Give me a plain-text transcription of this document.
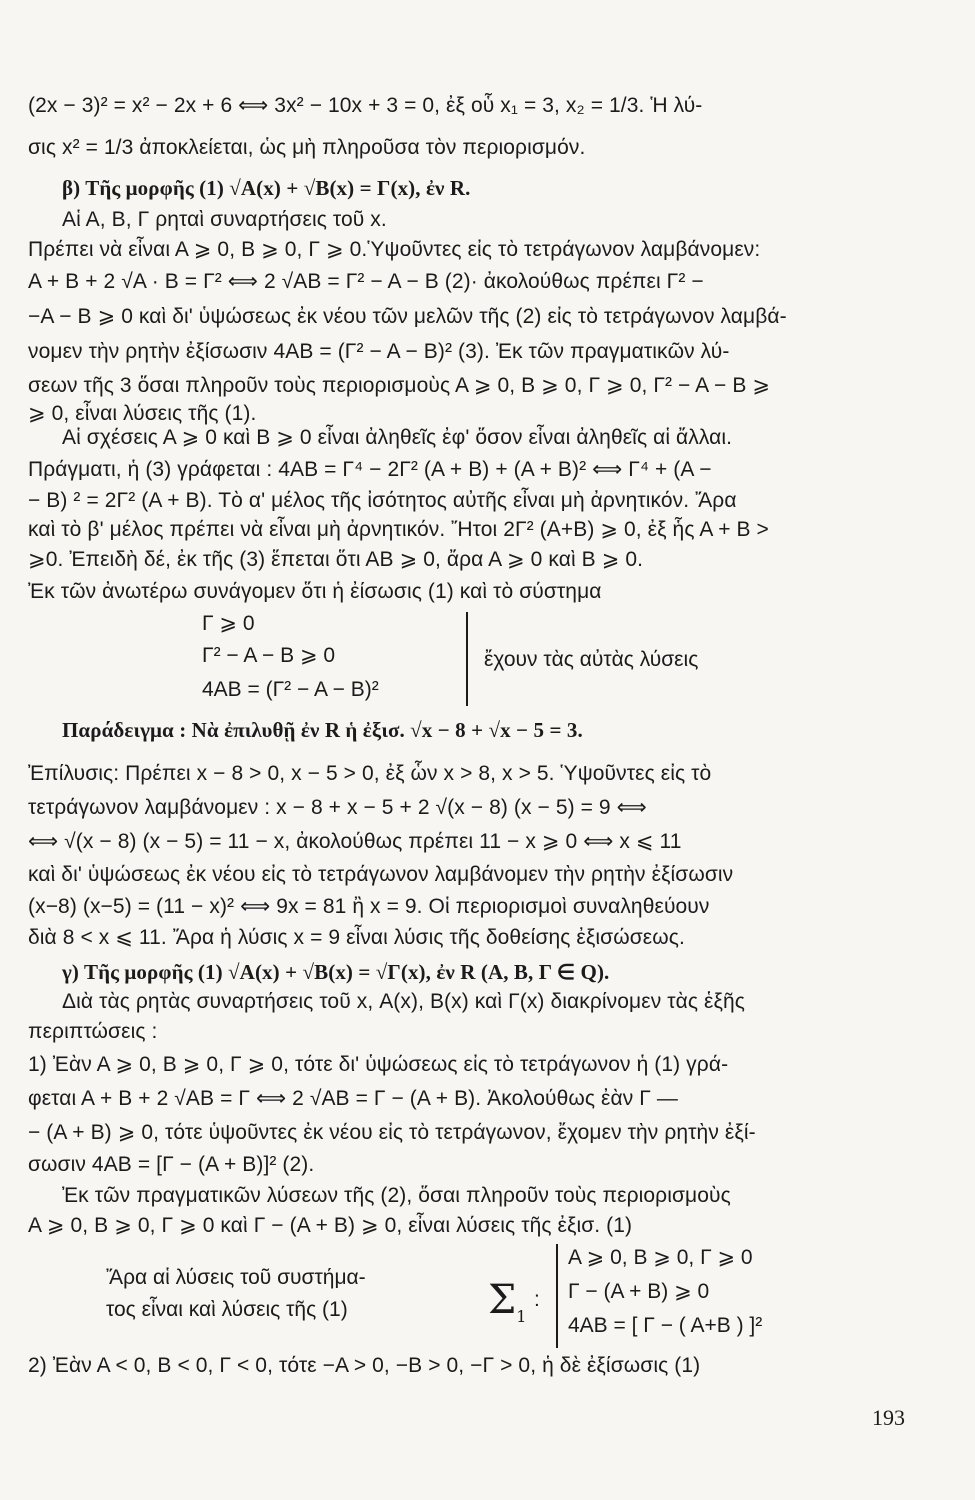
(2x − 3)² = x² − 2x + 6 ⟺ 3x² − 10x + 3 = 0, ἐξ οὗ x₁ = 3, x₂ = 1/3. Ἡ λύ-
σις x² = 1/3 ἀποκλείεται, ὡς μὴ πληροῦσα τὸν περιορισμόν.
β) Τῆς μορφῆς (1) √A(x) + √B(x) = Γ(x), ἐν R.
Αἱ Α, Β, Γ ρηταὶ συναρτήσεις τοῦ x.
Πρέπει νὰ εἶναι Α ⩾ 0, Β ⩾ 0, Γ ⩾ 0.Ὑψοῦντες εἰς τὸ τετράγωνον λαμβάνομεν:
Α + Β + 2 √Α · Β = Γ² ⟺ 2 √ΑΒ = Γ² − Α − Β (2)· ἀκολούθως πρέπει Γ² −
−Α − Β ⩾ 0 καὶ δι' ὑψώσεως ἐκ νέου τῶν μελῶν τῆς (2) εἰς τὸ τετράγωνον λαμβά-
νομεν τὴν ρητὴν ἐξίσωσιν 4ΑΒ = (Γ² − Α − Β)² (3). Ἐκ τῶν πραγματικῶν λύ-
σεων τῆς 3 ὅσαι πληροῦν τοὺς περιορισμοὺς Α ⩾ 0, Β ⩾ 0, Γ ⩾ 0, Γ² − Α − Β ⩾
⩾ 0, εἶναι λύσεις τῆς (1).
Αἱ σχέσεις Α ⩾ 0 καὶ Β ⩾ 0 εἶναι ἀληθεῖς ἐφ' ὅσον εἶναι ἀληθεῖς αἱ ἄλλαι.
Πράγματι, ἡ (3) γράφεται : 4ΑΒ = Γ⁴ − 2Γ² (Α + Β) + (Α + Β)² ⟺ Γ⁴ + (Α −
− Β) ² = 2Γ² (Α + Β). Τὸ α' μέλος τῆς ἰσότητος αὐτῆς εἶναι μὴ ἀρνητικόν. Ἄρα
καὶ τὸ β' μέλος πρέπει νὰ εἶναι μὴ ἀρνητικόν. Ἤτοι 2Γ² (Α+Β) ⩾ 0, ἐξ ἧς Α + Β >
⩾0. Ἐπειδὴ δέ, ἐκ τῆς (3) ἕπεται ὅτι ΑΒ ⩾ 0, ἄρα Α ⩾ 0 καὶ Β ⩾ 0.
Ἐκ τῶν ἀνωτέρω συνάγομεν ὅτι ἡ ἐίσωσις (1) καὶ τὸ σύστημα
Γ ⩾ 0
Γ² − Α − Β ⩾ 0
4ΑΒ = (Γ² − Α − Β)²
ἔχουν τὰς αὐτὰς λύσεις
Παράδειγμα : Νὰ ἐπιλυθῇ ἐν R ἡ ἐξισ. √x − 8 + √x − 5 = 3.
Ἐπίλυσις: Πρέπει x − 8 > 0, x − 5 > 0, ἐξ ὧν x > 8, x > 5. Ὑψοῦντες εἰς τὸ
τετράγωνον λαμβάνομεν : x − 8 + x − 5 + 2 √(x − 8) (x − 5) = 9 ⟺
⟺ √(x − 8) (x − 5) = 11 − x, ἀκολούθως πρέπει 11 − x ⩾ 0 ⟺ x ⩽ 11
καὶ δι' ὑψώσεως ἐκ νέου εἰς τὸ τετράγωνον λαμβάνομεν τὴν ρητὴν ἐξίσωσιν
(x−8) (x−5) = (11 − x)² ⟺ 9x = 81 ἢ x = 9. Οἱ περιορισμοὶ συναληθεύουν
διὰ 8 < x ⩽ 11. Ἄρα ἡ λύσις x = 9 εἶναι λύσις τῆς δοθείσης ἐξισώσεως.
γ) Τῆς μορφῆς (1) √A(x) + √B(x) = √Γ(x), ἐν R (A, B, Γ ∈ Q).
Διὰ τὰς ρητὰς συναρτήσεις τοῦ x, Α(x), Β(x) καὶ Γ(x) διακρίνομεν τὰς ἑξῆς
περιπτώσεις :
1) Ἐὰν Α ⩾ 0, Β ⩾ 0, Γ ⩾ 0, τότε δι' ὑψώσεως εἰς τὸ τετράγωνον ἡ (1) γρά-
φεται Α + Β + 2 √ΑΒ = Γ ⟺ 2 √ΑΒ = Γ − (Α + Β). Ἀκολούθως ἐὰν Γ —
− (Α + Β) ⩾ 0, τότε ὑψοῦντες ἐκ νέου εἰς τὸ τετράγωνον, ἔχομεν τὴν ρητὴν ἐξί-
σωσιν 4ΑΒ = [Γ − (Α + Β)]² (2).
Ἐκ τῶν πραγματικῶν λύσεων τῆς (2), ὅσαι πληροῦν τοὺς περιορισμοὺς
Α ⩾ 0, Β ⩾ 0, Γ ⩾ 0 καὶ Γ − (Α + Β) ⩾ 0, εἶναι λύσεις τῆς ἐξισ. (1)
Ἄρα αἱ λύσεις τοῦ συστήμα-
τος εἶναι καὶ λύσεις τῆς (1)	$\Sigma_1$
:
Α ⩾ 0, Β ⩾ 0, Γ ⩾ 0
Γ − (Α + Β) ⩾ 0
4ΑΒ = [ Γ − ( Α+Β ) ]²
2) Ἐὰν Α < 0, Β < 0, Γ < 0, τότε −Α > 0, −Β > 0, −Γ > 0, ἡ δὲ ἐξίσωσις (1)
193
